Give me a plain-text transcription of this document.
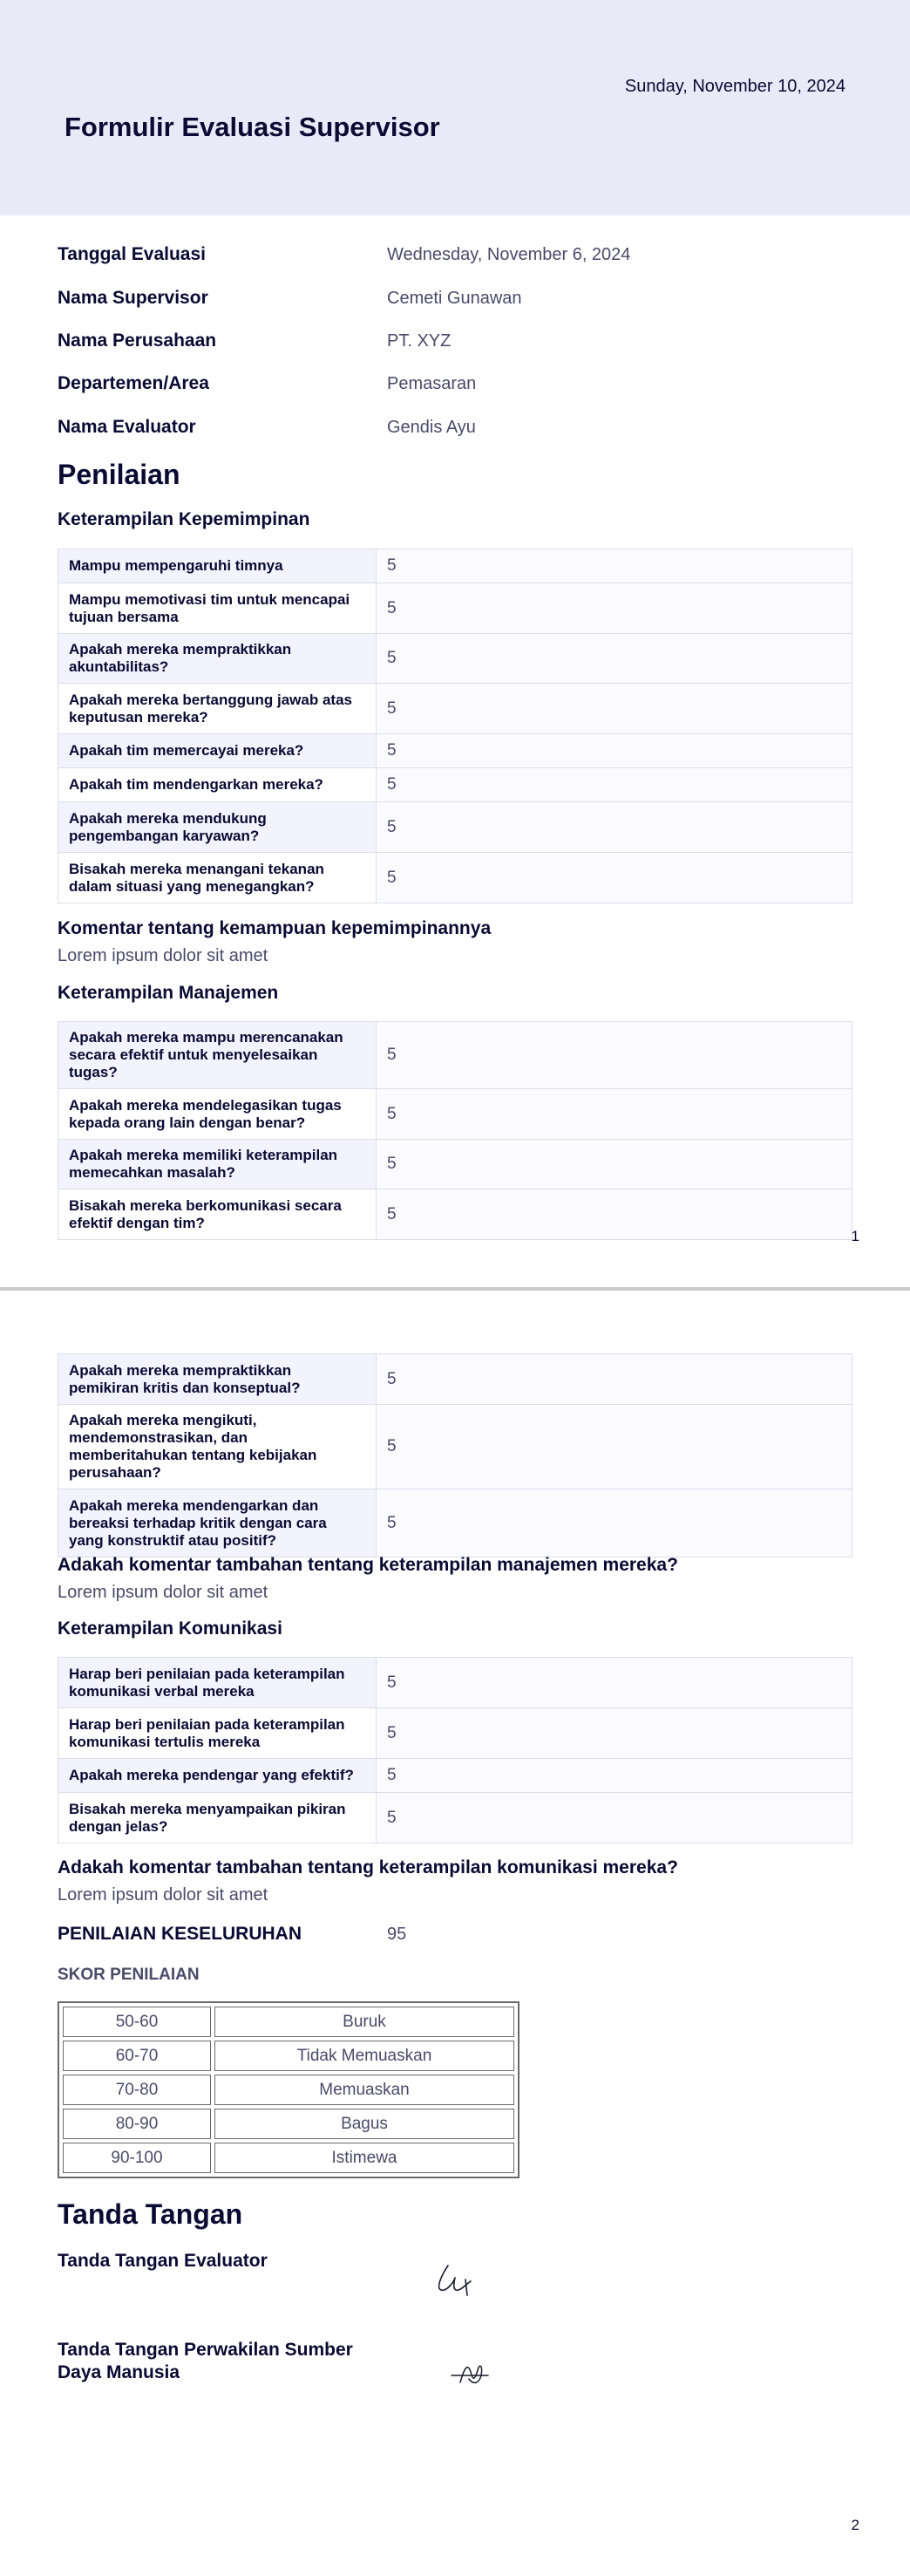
Sunday, November 10, 2024
Formulir Evaluasi Supervisor
Tanggal Evaluasi	Wednesday, November 6, 2024
Nama Supervisor	Cemeti Gunawan
Nama Perusahaan	PT. XYZ
Departemen/Area	Pemasaran
Nama Evaluator	Gendis Ayu
Penilaian
Keterampilan Kepemimpinan
Mampu mempengaruhi timnya	5
Mampu memotivasi tim untuk mencapai tujuan bersama	5
Apakah mereka mempraktikkan akuntabilitas?	5
Apakah mereka bertanggung jawab atas keputusan mereka?	5
Apakah tim memercayai mereka?	5
Apakah tim mendengarkan mereka?	5
Apakah mereka mendukung pengembangan karyawan?	5
Bisakah mereka menangani tekanan dalam situasi yang menegangkan?	5
Komentar tentang kemampuan kepemimpinannya
Lorem ipsum dolor sit amet
Keterampilan Manajemen
Apakah mereka mampu merencanakan secara efektif untuk menyelesaikan tugas?	5
Apakah mereka mendelegasikan tugas kepada orang lain dengan benar?	5
Apakah mereka memiliki keterampilan memecahkan masalah?	5
Bisakah mereka berkomunikasi secara efektif dengan tim?	5
1
Apakah mereka mempraktikkan pemikiran kritis dan konseptual?	5
Apakah mereka mengikuti, mendemonstrasikan, dan memberitahukan tentang kebijakan perusahaan?	5
Apakah mereka mendengarkan dan bereaksi terhadap kritik dengan cara yang konstruktif atau positif?	5
Adakah komentar tambahan tentang keterampilan manajemen mereka?
Lorem ipsum dolor sit amet
Keterampilan Komunikasi
Harap beri penilaian pada keterampilan komunikasi verbal mereka	5
Harap beri penilaian pada keterampilan komunikasi tertulis mereka	5
Apakah mereka pendengar yang efektif?	5
Bisakah mereka menyampaikan pikiran dengan jelas?	5
Adakah komentar tambahan tentang keterampilan komunikasi mereka?
Lorem ipsum dolor sit amet
PENILAIAN KESELURUHAN	95
SKOR PENILAIAN
50-60	Buruk
60-70	Tidak Memuaskan
70-80	Memuaskan
80-90	Bagus
90-100	Istimewa
Tanda Tangan
Tanda Tangan Evaluator
Tanda Tangan Perwakilan Sumber Daya Manusia
2
